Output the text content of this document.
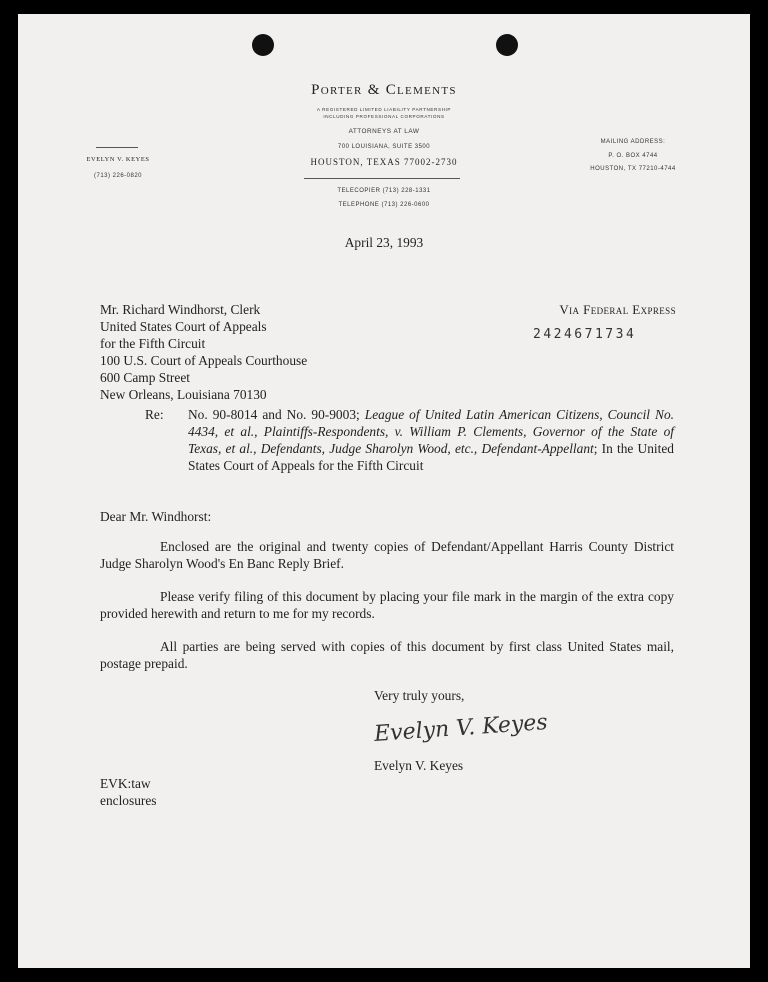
Porter & Clements
A REGISTERED LIMITED LIABILITY PARTNERSHIP
INCLUDING PROFESSIONAL CORPORATIONS
ATTORNEYS AT LAW
700 LOUISIANA, SUITE 3500
HOUSTON, TEXAS 77002-2730
TELECOPIER (713) 228-1331
TELEPHONE (713) 226-0600
EVELYN V. KEYES
(713) 226-0820
MAILING ADDRESS:
P. O. BOX 4744
HOUSTON, TX 77210-4744
April 23, 1993
Mr. Richard Windhorst, Clerk
United States Court of Appeals
for the Fifth Circuit
100 U.S. Court of Appeals Courthouse
600 Camp Street
New Orleans, Louisiana 70130
Via Federal Express
2424671734
Re: No. 90-8014 and No. 90-9003; League of United Latin American Citizens, Council No. 4434, et al., Plaintiffs-Respondents, v. William P. Clements, Governor of the State of Texas, et al., Defendants, Judge Sharolyn Wood, etc., Defendant-Appellant; In the United States Court of Appeals for the Fifth Circuit
Dear Mr. Windhorst:
Enclosed are the original and twenty copies of Defendant/Appellant Harris County District Judge Sharolyn Wood's En Banc Reply Brief.
Please verify filing of this document by placing your file mark in the margin of the extra copy provided herewith and return to me for my records.
All parties are being served with copies of this document by first class United States mail, postage prepaid.
Very truly yours,
Evelyn V. Keyes
Evelyn V. Keyes
EVK:taw
enclosures
